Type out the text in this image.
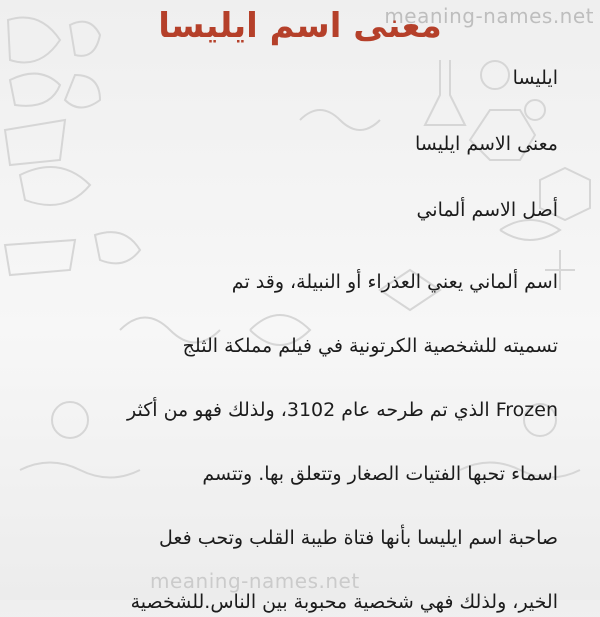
meaning-names.net
meaning-names.net
معنى اسم ايليسا
ايليسا
معنى الاسم ايليسا
أصل الاسم ألماني
اسم ألماني يعني العذراء أو النبيلة، وقد تم
تسميته للشخصية الكرتونية في فيلم مملكة الثلج
Frozen الذي تم طرحه عام 3102، ولذلك فهو من أكثر
اسماء تحبها الفتيات الصغار وتتعلق بها. وتتسم
صاحبة اسم ايليسا بأنها فتاة طيبة القلب وتحب فعل
الخير، ولذلك فهي شخصية محبوبة بين الناس.للشخصية
